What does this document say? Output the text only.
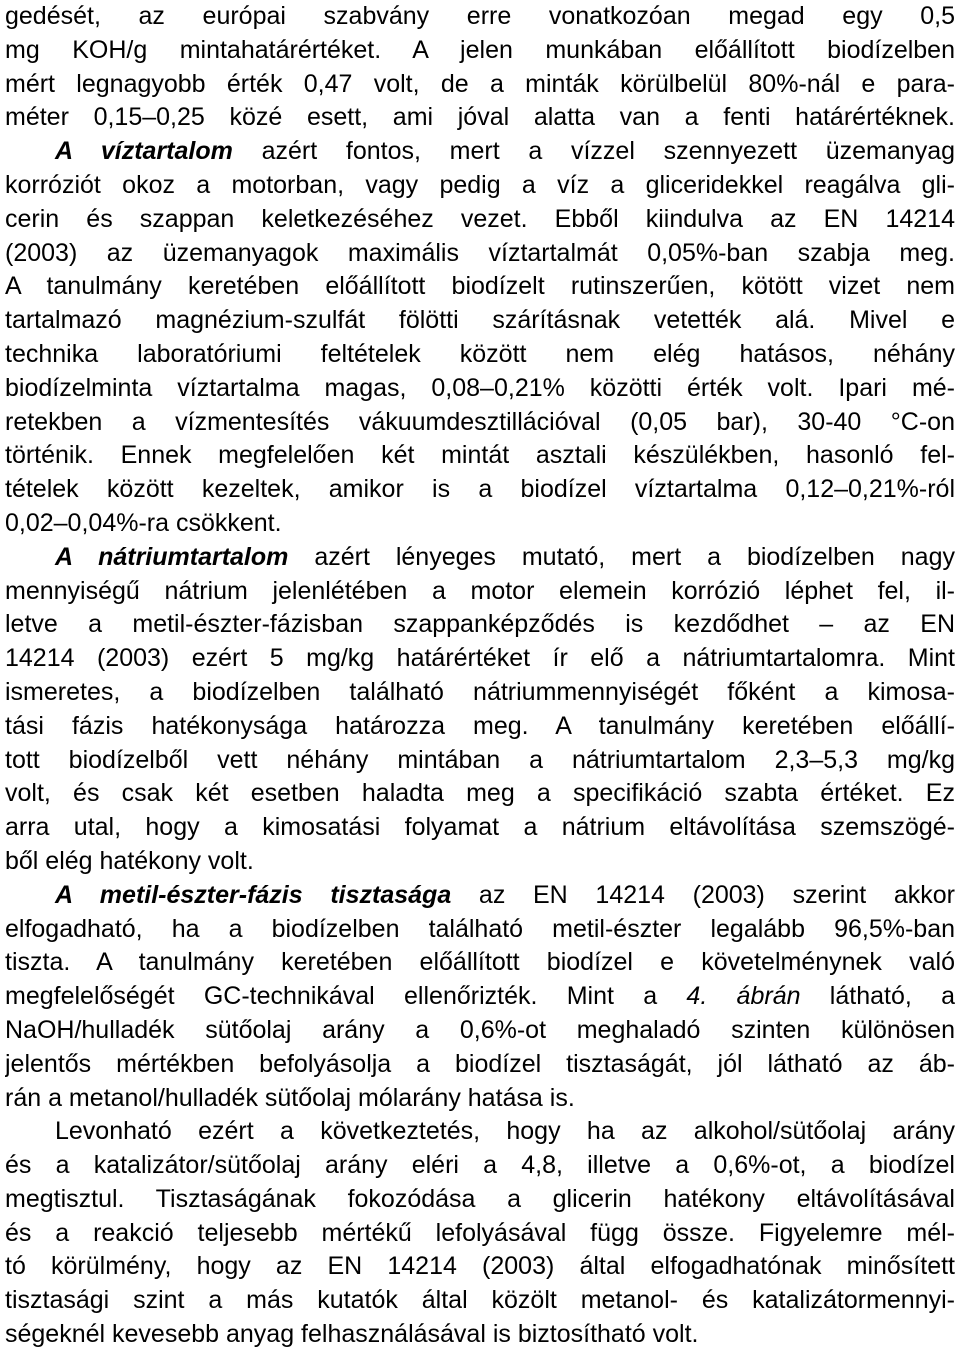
gedését, az európai szabvány erre vonatkozóan megad egy 0,5
mg KOH/g mintahatárértéket. A jelen munkában előállított biodízelben
mért legnagyobb érték 0,47 volt, de a minták körülbelül 80%-nál e para-
méter 0,15–0,25 közé esett, ami jóval alatta van a fenti határértéknek.
  A víztartalom azért fontos, mert a vízzel szennyezett üzemanyag
korróziót okoz a motorban, vagy pedig a víz a gliceridekkel reagálva gli-
cerin és szappan keletkezéséhez vezet. Ebből kiindulva az EN 14214
(2003) az üzemanyagok maximális víztartalmát 0,05%-ban szabja meg.
A tanulmány keretében előállított biodízelt rutinszerűen, kötött vizet nem
tartalmazó magnézium-szulfát fölötti szárításnak vetették alá. Mivel e
technika laboratóriumi feltételek között nem elég hatásos, néhány
biodízelminta víztartalma magas, 0,08–0,21% közötti érték volt. Ipari mé-
retekben a vízmentesítés vákuumdesztillációval (0,05 bar), 30-40 °C-on
történik. Ennek megfelelően két mintát asztali készülékben, hasonló fel-
tételek között kezeltek, amikor is a biodízel víztartalma 0,12–0,21%-ról
0,02–0,04%-ra csökkent.
  A nátriumtartalom azért lényeges mutató, mert a biodízelben nagy
mennyiségű nátrium jelenlétében a motor elemein korrózió léphet fel, il-
letve a metil-észter-fázisban szappanképződés is kezdődhet – az EN
14214 (2003) ezért 5 mg/kg határértéket ír elő a nátriumtartalomra. Mint
ismeretes, a biodízelben található nátriummennyiségét főként a kimosa-
tási fázis hatékonysága határozza meg. A tanulmány keretében előállí-
tott biodízelből vett néhány mintában a nátriumtartalom 2,3–5,3 mg/kg
volt, és csak két esetben haladta meg a specifikáció szabta értéket. Ez
arra utal, hogy a kimosatási folyamat a nátrium eltávolítása szemszögé-
ből elég hatékony volt.
  A metil-észter-fázis tisztasága az EN 14214 (2003) szerint akkor
elfogadható, ha a biodízelben található metil-észter legalább 96,5%-ban
tiszta. A tanulmány keretében előállított biodízel e követelménynek való
megfelelőségét GC-technikával ellenőrizték. Mint a 4. ábrán látható, a
NaOH/hulladék sütőolaj arány a 0,6%-ot meghaladó szinten különösen
jelentős mértékben befolyásolja a biodízel tisztaságát, jól látható az áb-
rán a metanol/hulladék sütőolaj mólarány hatása is.
  Levonható ezért a következtetés, hogy ha az alkohol/sütőolaj arány
és a katalizátor/sütőolaj arány eléri a 4,8, illetve a 0,6%-ot, a biodízel
megtisztul. Tisztaságának fokozódása a glicerin hatékony eltávolításával
és a reakció teljesebb mértékű lefolyásával függ össze. Figyelemre mél-
tó körülmény, hogy az EN 14214 (2003) által elfogadhatónak minősített
tisztasági szint a más kutatók által közölt metanol- és katalizátormennyi-
ségeknél kevesebb anyag felhasználásával is biztosítható volt.
